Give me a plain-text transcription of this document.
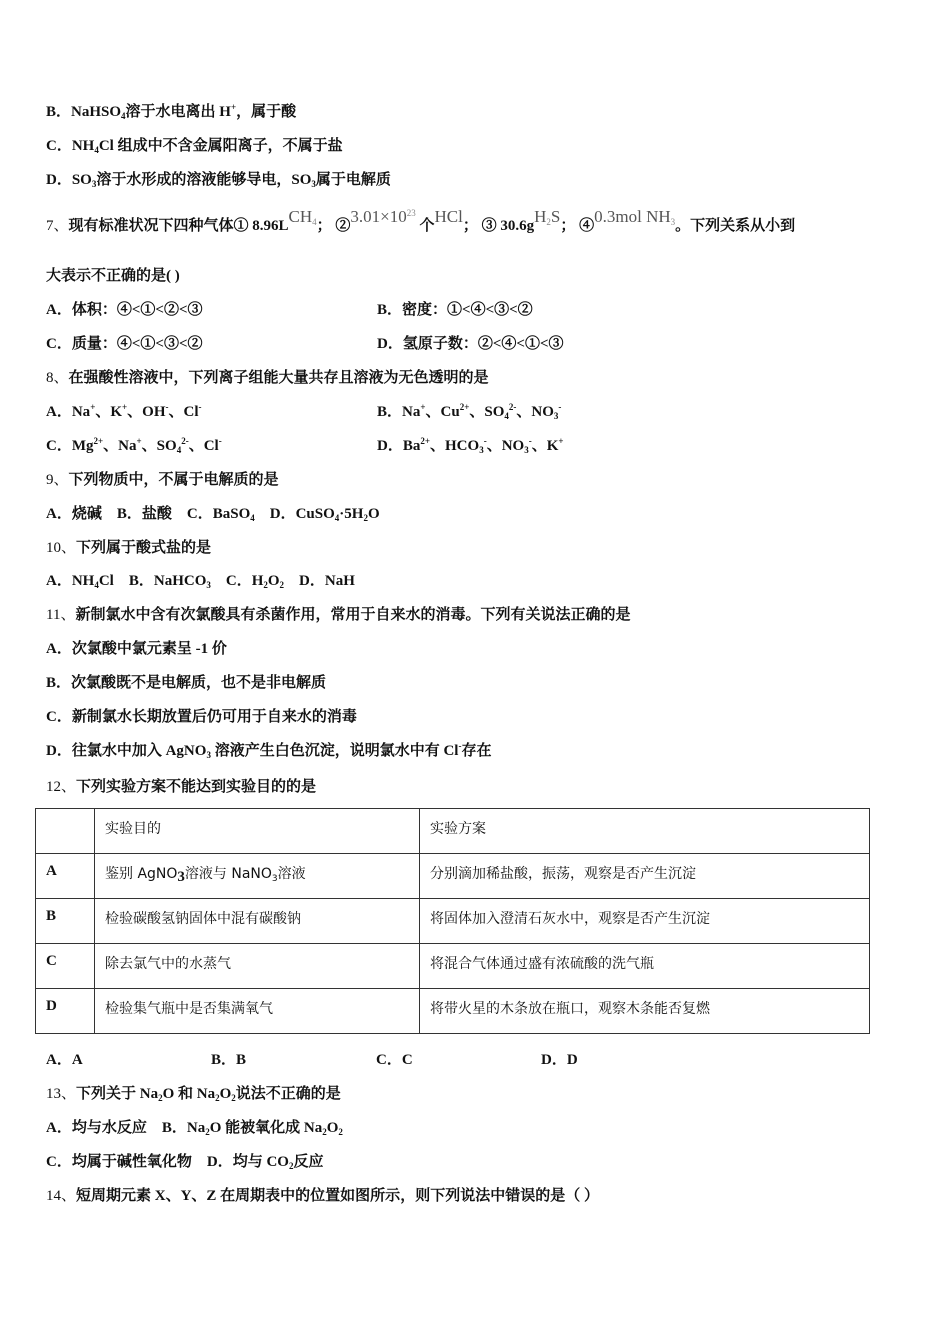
B．NaHSO$_4$溶于水电离出 H+，属于酸
C．$NH_4Cl$ 组成中不含金属阳离子，不属于盐
D．$SO_3$溶于水形成的溶液能够导电，$SO_3$属于电解质
7、现有标准状况下四种气体① $8.96LCH_4$； $②3.01\times 10^{23}$ 个HCl； ③ $30.6gH_2S$； ④0.3mol $NH_3$。下列关系从小到
大表示不正确的是( )
A．体积：④<①<②<③	B．密度：①<④<③<②
C．质量：④<①<③<②	D．氢原子数：②<④<①<③
8、在强酸性溶液中，下列离子组能大量共存且溶液为无色透明的是
A．Na+、K+、OH-、Cl-	B．Na+、$Cu^{2+}$、$SO_4^{2-}$、$NO_3^-$
C．$Mg^{2+}$、Na+、$SO_4^{2-}$、Cl-	D．$Ba^{2+}$、$HCO_3^-$、$NO_3^-$、K+
9、下列物质中，不属于电解质的是
A．烧碱 B．盐酸 C．BaSO$_4$ D．$CuSO_4\cdot 5H_2O$
10、下列属于酸式盐的是
A．$NH_4Cl$ B．NaHCO$_3$ C．$H_2O_2$ D．NaH
11、新制氯水中含有次氯酸具有杀菌作用，常用于自来水的消毒。下列有关说法正确的是
A．次氯酸中氯元素呈 -1 价
B．次氯酸既不是电解质，也不是非电解质
C．新制氯水长期放置后仍可用于自来水的消毒
D．往氯水中加入 AgNO$_3$ 溶液产生白色沉淀，说明氯水中有 Cl-存在
12、下列实验方案不能达到实验目的的是
	实验目的	实验方案
A	鉴别 AgNO$_3$溶液与 NaNO$_3$溶液	分别滴加稀盐酸，振荡，观察是否产生沉淀
B	检验碳酸氢钠固体中混有碳酸钠	将固体加入澄清石灰水中，观察是否产生沉淀
C	除去氯气中的水蒸气	将混合气体通过盛有浓硫酸的洗气瓶
D	检验集气瓶中是否集满氧气	将带火星的木条放在瓶口，观察木条能否复燃
A．A	B．B	C．C	D．D
13、下列关于 $Na_2O$ 和 $Na_2O_2$说法不正确的是
A．均与水反应 B．$Na_2O$ 能被氧化成 $Na_2O_2$
C．均属于碱性氧化物 D．均与 $CO_2$反应
14、短周期元素 X、Y、Z 在周期表中的位置如图所示，则下列说法中错误的是（ ）
